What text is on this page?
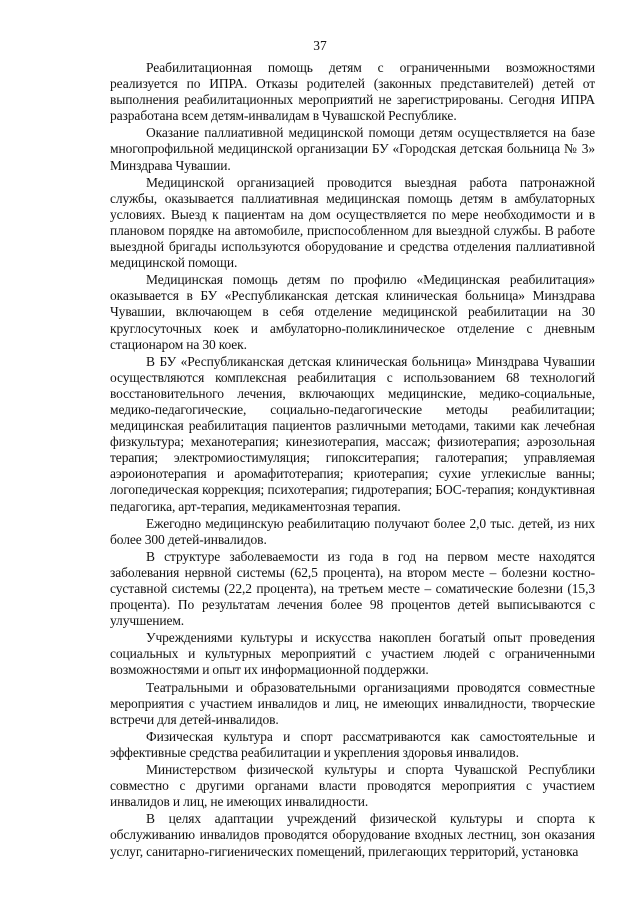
37

Реабилитационная помощь детям с ограниченными возможностями реализуется по ИПРА. Отказы родителей (законных представителей) детей от выполнения реабилитационных мероприятий не зарегистрированы. Сегодня ИПРА разработана всем детям-инвалидам в Чувашской Республике.

Оказание паллиативной медицинской помощи детям осуществляется на базе многопрофильной медицинской организации БУ «Городская детская больница № 3» Минздрава Чувашии.

Медицинской организацией проводится выездная работа патронажной службы, оказывается паллиативная медицинская помощь детям в амбулаторных условиях. Выезд к пациентам на дом осуществляется по мере необходимости и в плановом порядке на автомобиле, приспособленном для выездной службы. В работе выездной бригады используются оборудование и средства отделения паллиативной медицинской помощи.

Медицинская помощь детям по профилю «Медицинская реабилитация» оказывается в БУ «Республиканская детская клиническая больница» Минздрава Чувашии, включающем в себя отделение медицинской реабилитации на 30 круглосуточных коек и амбулаторно-поликлиническое отделение с дневным стационаром на 30 коек.

В БУ «Республиканская детская клиническая больница» Минздрава Чувашии осуществляются комплексная реабилитация с использованием 68 технологий восстановительного лечения, включающих медицинские, медико-социальные, медико-педагогические, социально-педагогические методы реабилитации; медицинская реабилитация пациентов различными методами, такими как лечебная физкультура; механотерапия; кинезиотерапия, массаж; физиотерапия; аэрозольная терапия; электромиостимуляция; гипокситерапия; галотерапия; управляемая аэроионотерапия и аромафитотерапия; криотерапия; сухие углекислые ванны; логопедическая коррекция; психотерапия; гидротерапия; БОС-терапия; кондуктивная педагогика, арт-терапия, медикаментозная терапия.

Ежегодно медицинскую реабилитацию получают более 2,0 тыс. детей, из них более 300 детей-инвалидов.

В структуре заболеваемости из года в год на первом месте находятся заболевания нервной системы (62,5 процента), на втором месте – болезни костно-суставной системы (22,2 процента), на третьем месте – соматические болезни (15,3 процента). По результатам лечения более 98 процентов детей выписываются с улучшением.

Учреждениями культуры и искусства накоплен богатый опыт проведения социальных и культурных мероприятий с участием людей с ограниченными возможностями и опыт их информационной поддержки.

Театральными и образовательными организациями проводятся совместные мероприятия с участием инвалидов и лиц, не имеющих инвалидности, творческие встречи для детей-инвалидов.

Физическая культура и спорт рассматриваются как самостоятельные и эффективные средства реабилитации и укрепления здоровья инвалидов.

Министерством физической культуры и спорта Чувашской Республики совместно с другими органами власти проводятся мероприятия с участием инвалидов и лиц, не имеющих инвалидности.

В целях адаптации учреждений физической культуры и спорта к обслуживанию инвалидов проводятся оборудование входных лестниц, зон оказания услуг, санитарно-гигиенических помещений, прилегающих территорий, установка
